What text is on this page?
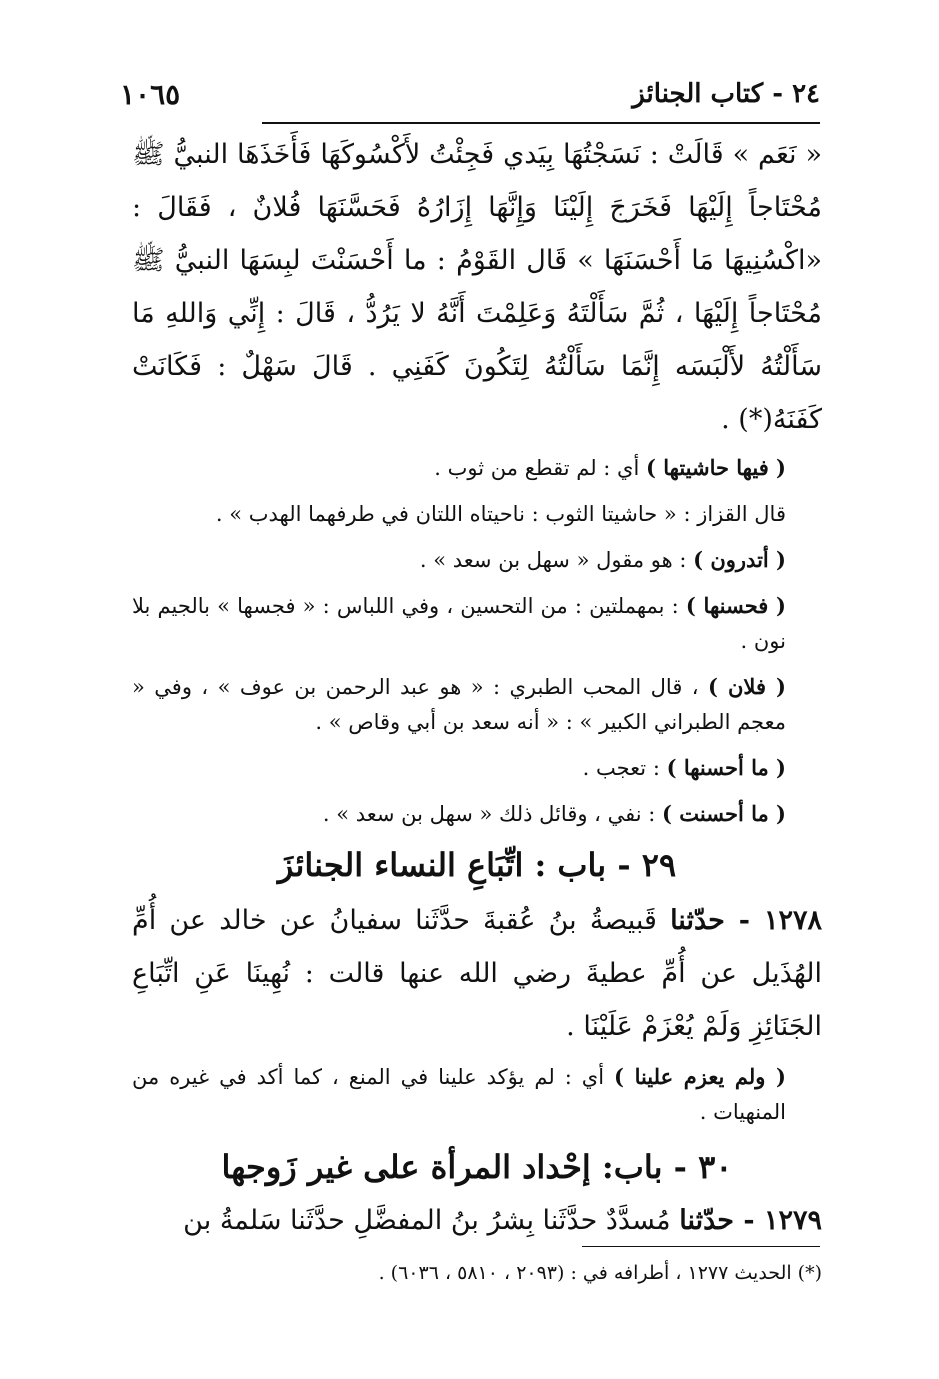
٢٤ - كتاب الجنائز
١٠٦٥

« نَعَم » قَالَتْ : نَسَجْتُهَا بِيَدي فَجِئْتُ لأَكْسُوكَهَا فَأَخَذَهَا النبيُّ ﷺ مُحْتَاجاً إِلَيْهَا فَخَرَجَ إِلَيْنَا وَإِنَّهَا إِزَارُهُ فَحَسَّنَهَا فُلانٌ ، فَقَالَ : «اكْسُنِيهَا مَا أَحْسَنَهَا » قَال القَوْمُ : ما أَحْسَنْتَ لبِسَهَا النبيُّ ﷺ مُحْتَاجاً إِلَيْهَا ، ثُمَّ سَأَلْتَهُ وَعَلِمْتَ أَنَّهُ لا يَرُدُّ ، قَالَ : إِنِّي وَاللهِ مَا سَأَلْتُهُ لأَلْبَسَه إِنَّمَا سَأَلْتُهُ لِتَكُونَ كَفَنِي . قَالَ سَهْلٌ : فَكَانَتْ كَفَنَهُ(*) .

( فيها حاشيتها ) أي : لم تقطع من ثوب .

قال القزاز : « حاشيتا الثوب : ناحيتاه اللتان في طرفهما الهدب » .

( أتدرون ) : هو مقول « سهل بن سعد » .

( فحسنها ) : بمهملتين : من التحسين ، وفي اللباس : « فجسها » بالجيم بلا نون .

( فلان ) ، قال المحب الطبري : « هو عبد الرحمن بن عوف » ، وفي « معجم الطبراني الكبير » : « أنه سعد بن أبي وقاص » .

( ما أحسنها ) : تعجب .

( ما أحسنت ) : نفي ، وقائل ذلك « سهل بن سعد » .

٢٩ - باب : اتِّبَاعِ النساء الجنائزَ

١٢٧٨ - حدّثنا قَبيصةُ بنُ عُقبةَ حدَّثَنا سفيانُ عن خالد عن أُمِّ الهُذَيل عن أُمِّ عطيةَ رضي الله عنها قالت : نُهِينَا عَنِ اتِّبَاعِ الجَنَائِزِ وَلَمْ يُعْزَمْ عَلَيْنَا .

( ولم يعزم علينا ) أي : لم يؤكد علينا في المنع ، كما أكد في غيره من المنهيات .

٣٠ - باب: إحْداد المرأة على غير زَوجها

١٢٧٩ - حدّثنا مُسدَّدٌ حدَّثَنا بِشرُ بنُ المفضَّلِ حدَّثَنا سَلمةُ بن

(*) الحديث ١٢٧٧ ، أطرافه في : (٢٠٩٣ ، ٥٨١٠ ، ٦٠٣٦) .
